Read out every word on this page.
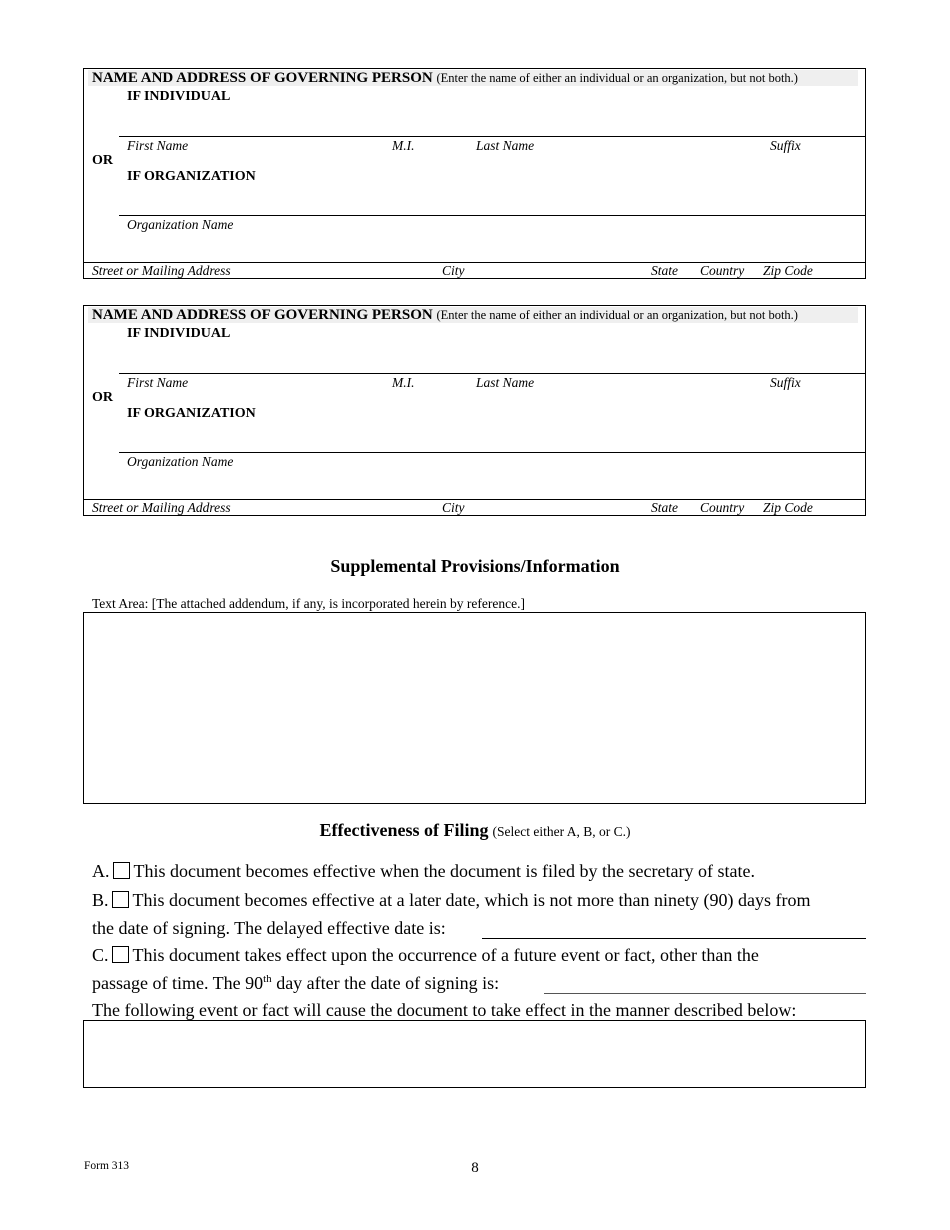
NAME AND ADDRESS OF GOVERNING PERSON (Enter the name of either an individual or an organization, but not both.)
IF INDIVIDUAL
First Name	M.I.	Last Name	Suffix
OR
IF ORGANIZATION
Organization Name
Street or Mailing Address	City	State Country Zip Code
NAME AND ADDRESS OF GOVERNING PERSON (Enter the name of either an individual or an organization, but not both.)
IF INDIVIDUAL
First Name	M.I.	Last Name	Suffix
OR
IF ORGANIZATION
Organization Name
Street or Mailing Address	City	State Country Zip Code
Supplemental Provisions/Information
Text Area: [The attached addendum, if any, is incorporated herein by reference.]
Effectiveness of Filing (Select either A, B, or C.)
A. This document becomes effective when the document is filed by the secretary of state.
B. This document becomes effective at a later date, which is not more than ninety (90) days from
the date of signing. The delayed effective date is:
C. This document takes effect upon the occurrence of a future event or fact, other than the
passage of time. The 90th day after the date of signing is:
The following event or fact will cause the document to take effect in the manner described below:
Form 313	8
